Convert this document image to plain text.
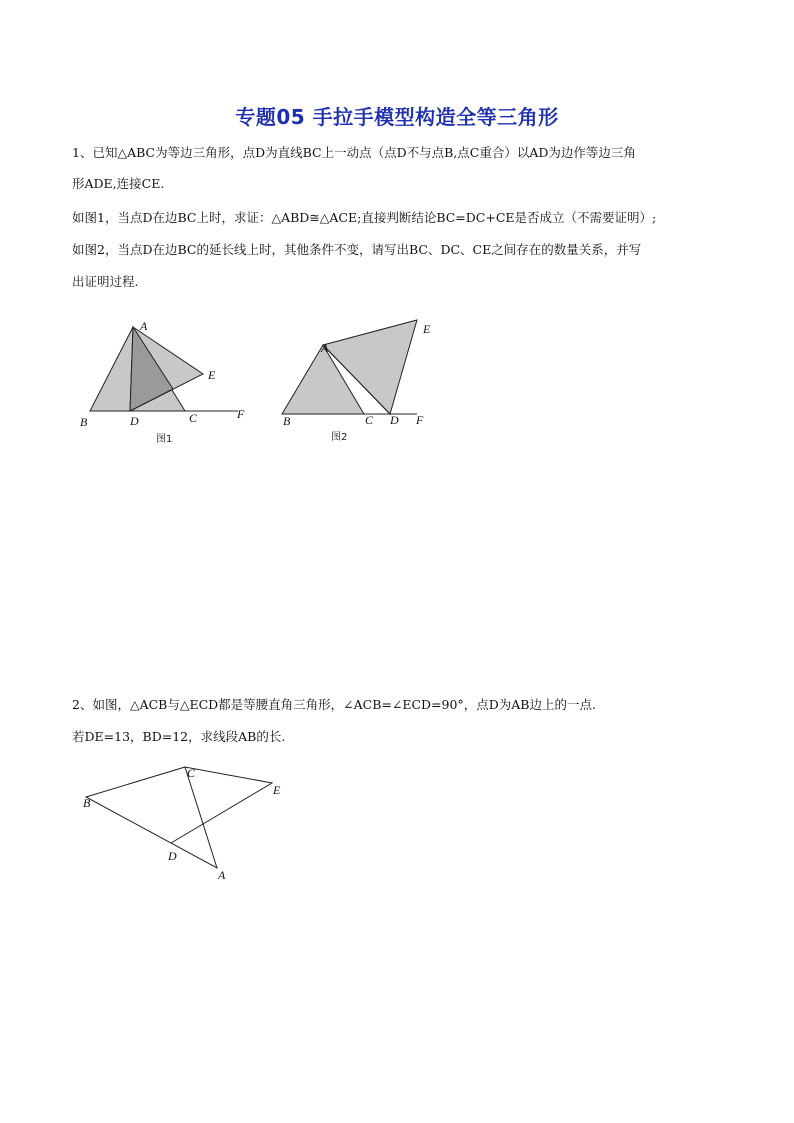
专题05 手拉手模型构造全等三角形
1、已知△ABC为等边三角形，点D为直线BC上一动点（点D不与点B,点C重合）以AD为边作等边三角
形ADE,连接CE.
如图1，当点D在边BC上时，求证：△ABD≅△ACE;直接判断结论BC=DC+CE是否成立（不需要证明）;
如图2，当点D在边BC的延长线上时，其他条件不变，请写出BC、DC、CE之间存在的数量关系，并写
出证明过程.
A
E
B	D	C	F
图1
A
E
B	C D F
图2
2、如图，△ACB与△ECD都是等腰直角三角形，∠ACB=∠ECD=90°，点D为AB边上的一点.
若DE=13，BD=12，求线段AB的长.
C
B
E
D
A
